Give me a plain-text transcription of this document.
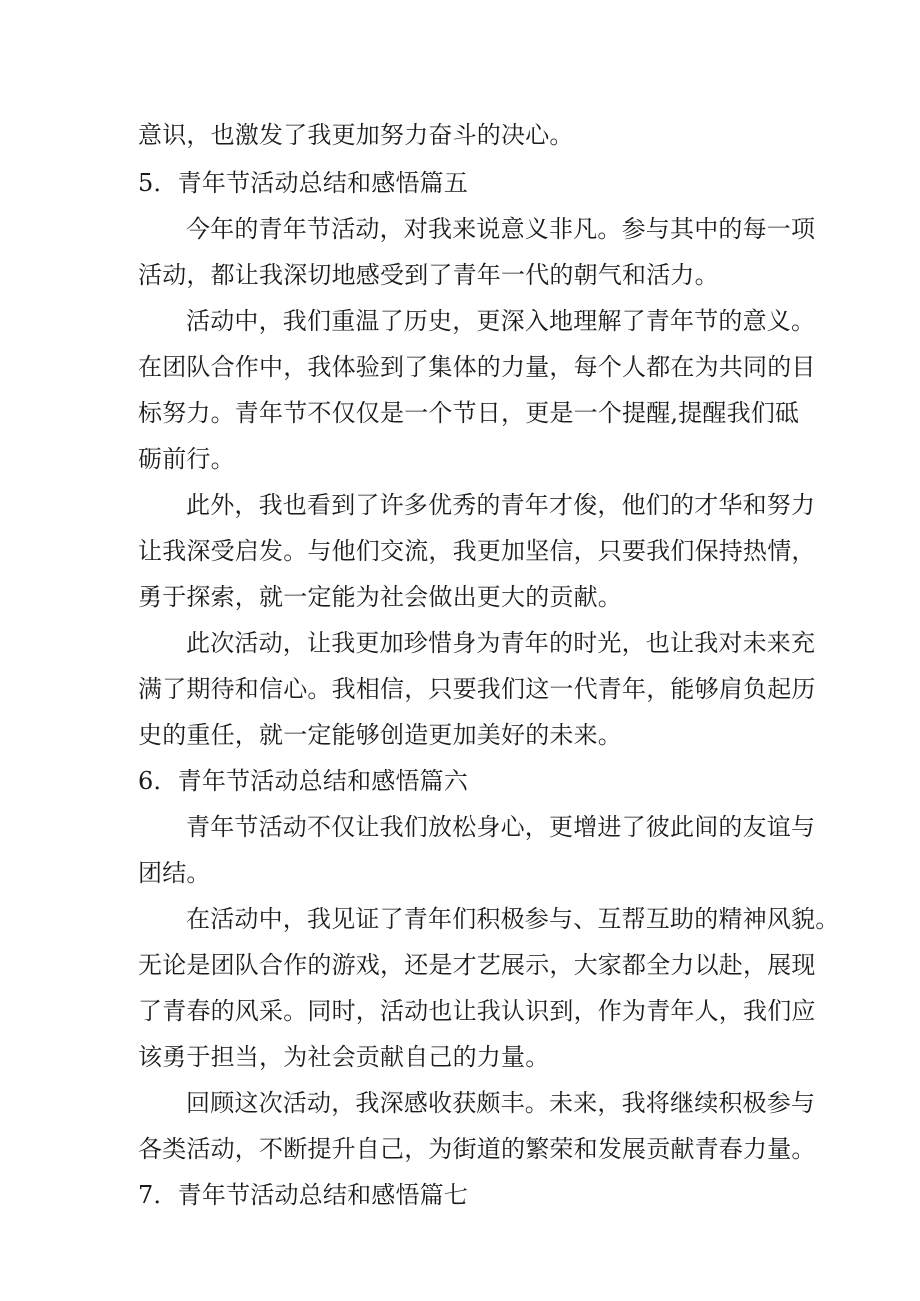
意识，也激发了我更加努力奋斗的决心。
5．青年节活动总结和感悟篇五
今年的青年节活动，对我来说意义非凡。参与其中的每一项
活动，都让我深切地感受到了青年一代的朝气和活力。
活动中，我们重温了历史，更深入地理解了青年节的意义。
在团队合作中，我体验到了集体的力量，每个人都在为共同的目
标努力。青年节不仅仅是一个节日，更是一个提醒,提醒我们砥
砺前行。
此外，我也看到了许多优秀的青年才俊，他们的才华和努力
让我深受启发。与他们交流，我更加坚信，只要我们保持热情，
勇于探索，就一定能为社会做出更大的贡献。
此次活动，让我更加珍惜身为青年的时光，也让我对未来充
满了期待和信心。我相信，只要我们这一代青年，能够肩负起历
史的重任，就一定能够创造更加美好的未来。
6．青年节活动总结和感悟篇六
青年节活动不仅让我们放松身心，更增进了彼此间的友谊与
团结。
在活动中，我见证了青年们积极参与、互帮互助的精神风貌。
无论是团队合作的游戏，还是才艺展示，大家都全力以赴，展现
了青春的风采。同时，活动也让我认识到，作为青年人，我们应
该勇于担当，为社会贡献自己的力量。
回顾这次活动，我深感收获颇丰。未来，我将继续积极参与
各类活动，不断提升自己，为街道的繁荣和发展贡献青春力量。
7．青年节活动总结和感悟篇七
